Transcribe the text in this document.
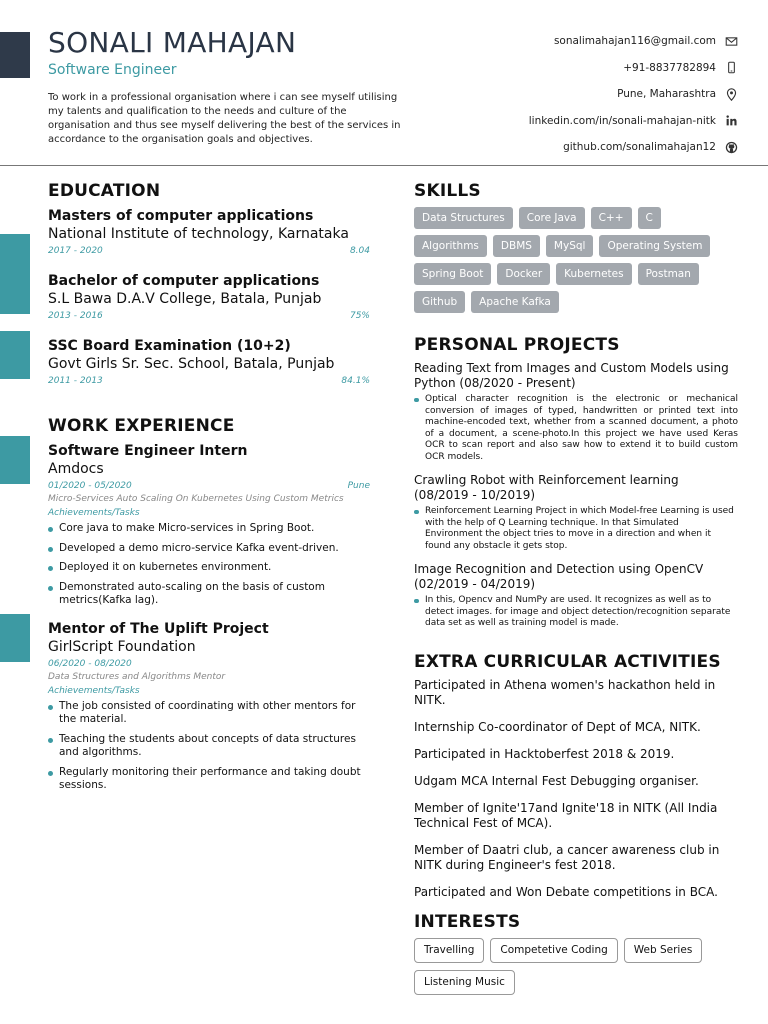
SONALI MAHAJAN
Software Engineer
To work in a professional organisation where i can see myself utilising my talents and qualification to the needs and culture of the organisation and thus see myself delivering the best of the services in accordance to the organisation goals and objectives.
sonalimahajan116@gmail.com
+91-8837782894
Pune, Maharashtra
linkedin.com/in/sonali-mahajan-nitk
github.com/sonalimahajan12
EDUCATION
Masters of computer applications
National Institute of technology, Karnataka
2017 - 2020	8.04
Bachelor of computer applications
S.L Bawa D.A.V College, Batala, Punjab
2013 - 2016	75%
SSC Board Examination (10+2)
Govt Girls Sr. Sec. School, Batala, Punjab
2011 - 2013	84.1%
WORK EXPERIENCE
Software Engineer Intern
Amdocs
01/2020 - 05/2020	Pune
Micro-Services Auto Scaling On Kubernetes Using Custom Metrics
Achievements/Tasks
Core java to make Micro-services in Spring Boot.
Developed a demo micro-service Kafka event-driven.
Deployed it on kubernetes environment.
Demonstrated auto-scaling on the basis of custom metrics(Kafka lag).
Mentor of The Uplift Project
GirlScript Foundation
06/2020 - 08/2020
Data Structures and Algorithms Mentor
Achievements/Tasks
The job consisted of coordinating with other mentors for the material.
Teaching the students about concepts of data structures and algorithms.
Regularly monitoring their performance and taking doubt sessions.
SKILLS
Data Structures	Core Java	C++	C
Algorithms	DBMS	MySql	Operating System
Spring Boot	Docker	Kubernetes	Postman
Github	Apache Kafka
PERSONAL PROJECTS
Reading Text from Images and Custom Models using Python (08/2020 - Present)
Optical character recognition is the electronic or mechanical conversion of images of typed, handwritten or printed text into machine-encoded text, whether from a scanned document, a photo of a document, a scene-photo.In this project we have used Keras OCR to scan report and also saw how to extend it to build custom OCR models.
Crawling Robot with Reinforcement learning
(08/2019 - 10/2019)
Reinforcement Learning Project in which Model-free Learning is used with the help of Q Learning technique. In that Simulated Environment the object tries to move in a direction and when it found any obstacle it gets stop.
Image Recognition and Detection using OpenCV
(02/2019 - 04/2019)
In this, Opencv and NumPy are used. It recognizes as well as to detect images. for image and object detection/recognition separate data set as well as training model is made.
EXTRA CURRICULAR ACTIVITIES
Participated in Athena women's hackathon held in NITK.
Internship Co-coordinator of Dept of MCA, NITK.
Participated in Hacktoberfest 2018 & 2019.
Udgam MCA Internal Fest Debugging organiser.
Member of Ignite'17and Ignite'18 in NITK (All India Technical Fest of MCA).
Member of Daatri club, a cancer awareness club in NITK during Engineer's fest 2018.
Participated and Won Debate competitions in BCA.
INTERESTS
Travelling	Competetive Coding	Web Series
Listening Music
